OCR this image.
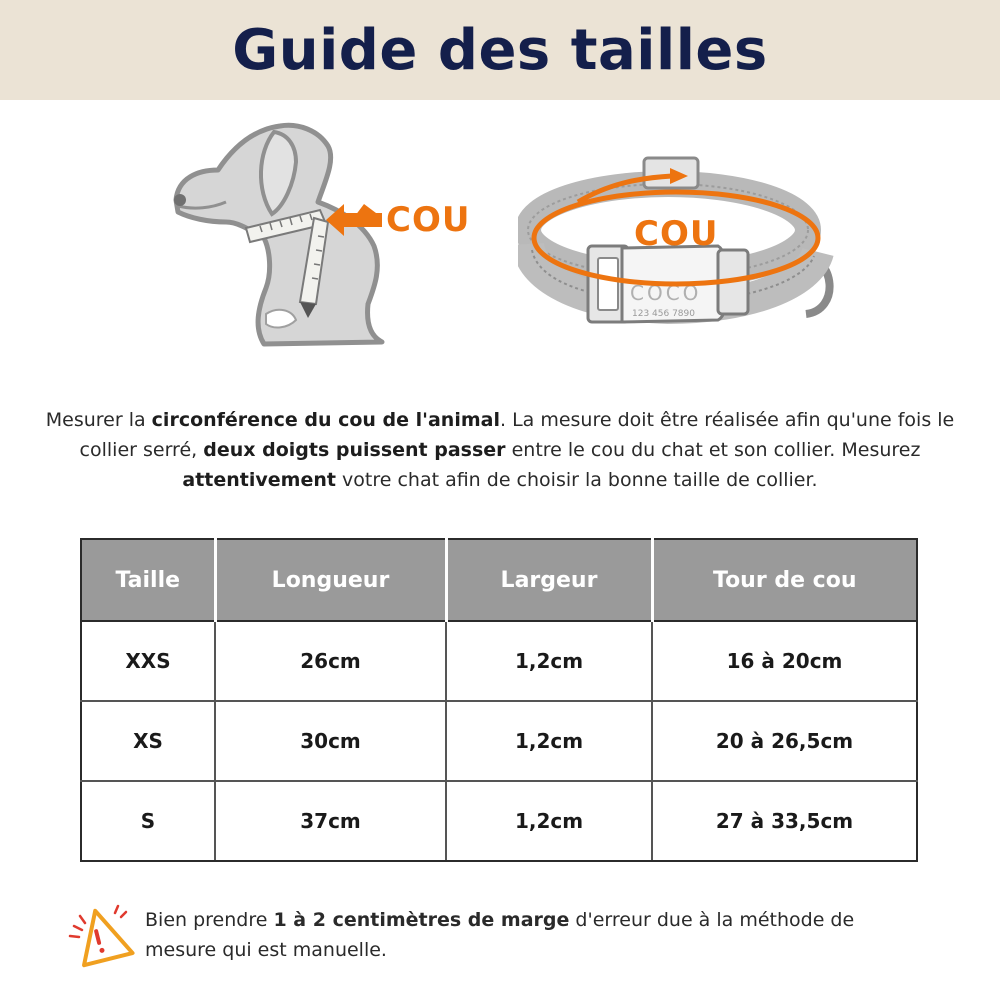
Guide des tailles
COU
COCO
123 456 7890
COU
Mesurer la circonférence du cou de l'animal. La mesure doit être réalisée afin qu'une fois le collier serré, deux doigts puissent passer entre le cou du chat et son collier. Mesurez attentivement votre chat afin de choisir la bonne taille de collier.
Taille	Longueur	Largeur	Tour de cou
XXS	26cm	1,2cm	16 à 20cm
XS	30cm	1,2cm	20 à 26,5cm
S	37cm	1,2cm	27 à 33,5cm
Bien prendre 1 à 2 centimètres de marge d'erreur due à la méthode de mesure qui est manuelle.
